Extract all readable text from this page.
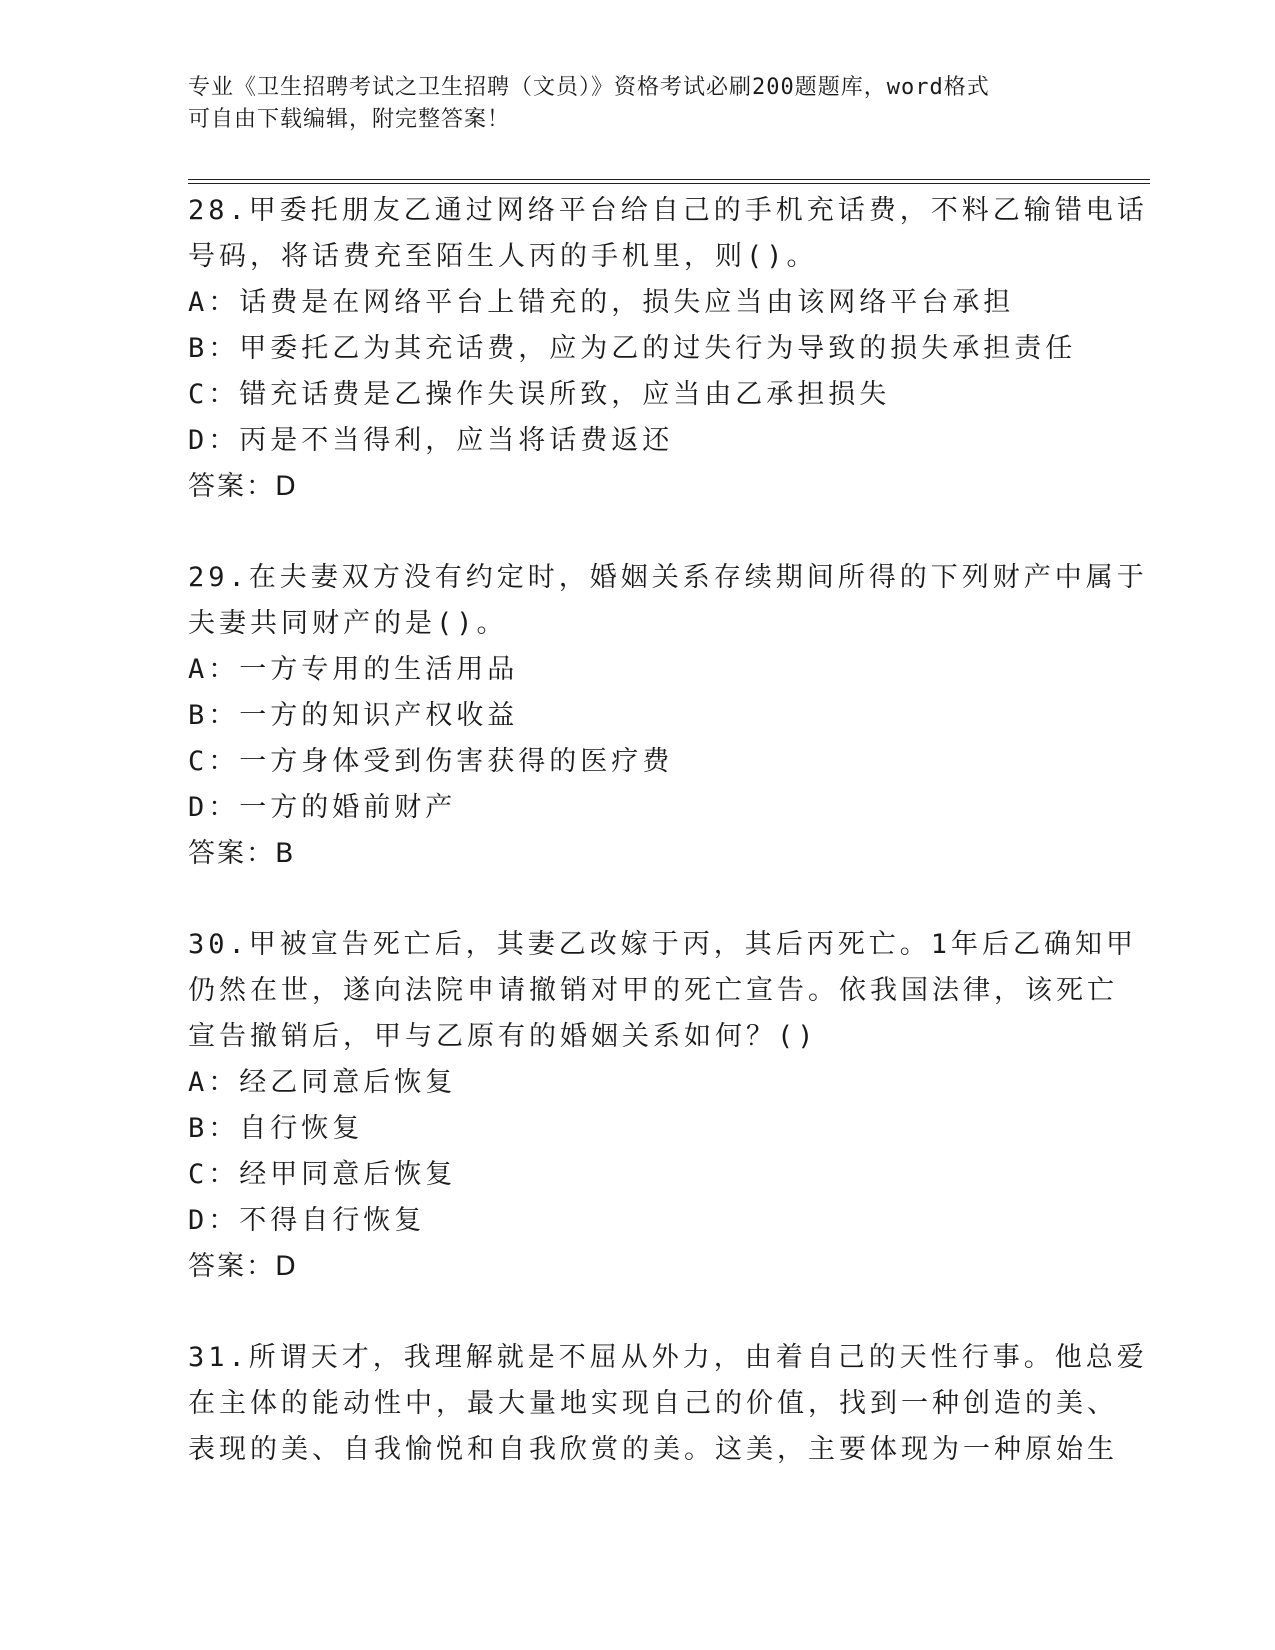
专业《卫生招聘考试之卫生招聘（文员）》资格考试必刷200题题库，word格式
可自由下载编辑，附完整答案！
28.甲委托朋友乙通过网络平台给自己的手机充话费，不料乙输错电话
号码，将话费充至陌生人丙的手机里，则()。
A：话费是在网络平台上错充的，损失应当由该网络平台承担
B：甲委托乙为其充话费，应为乙的过失行为导致的损失承担责任
C：错充话费是乙操作失误所致，应当由乙承担损失
D：丙是不当得利，应当将话费返还
答案：D
29.在夫妻双方没有约定时，婚姻关系存续期间所得的下列财产中属于
夫妻共同财产的是()。
A：一方专用的生活用品
B：一方的知识产权收益
C：一方身体受到伤害获得的医疗费
D：一方的婚前财产
答案：B
30.甲被宣告死亡后，其妻乙改嫁于丙，其后丙死亡。1年后乙确知甲
仍然在世，遂向法院申请撤销对甲的死亡宣告。依我国法律，该死亡
宣告撤销后，甲与乙原有的婚姻关系如何？()
A：经乙同意后恢复
B：自行恢复
C：经甲同意后恢复
D：不得自行恢复
答案：D
31.所谓天才，我理解就是不屈从外力，由着自己的天性行事。他总爱
在主体的能动性中，最大量地实现自己的价值，找到一种创造的美、
表现的美、自我愉悦和自我欣赏的美。这美，主要体现为一种原始生
